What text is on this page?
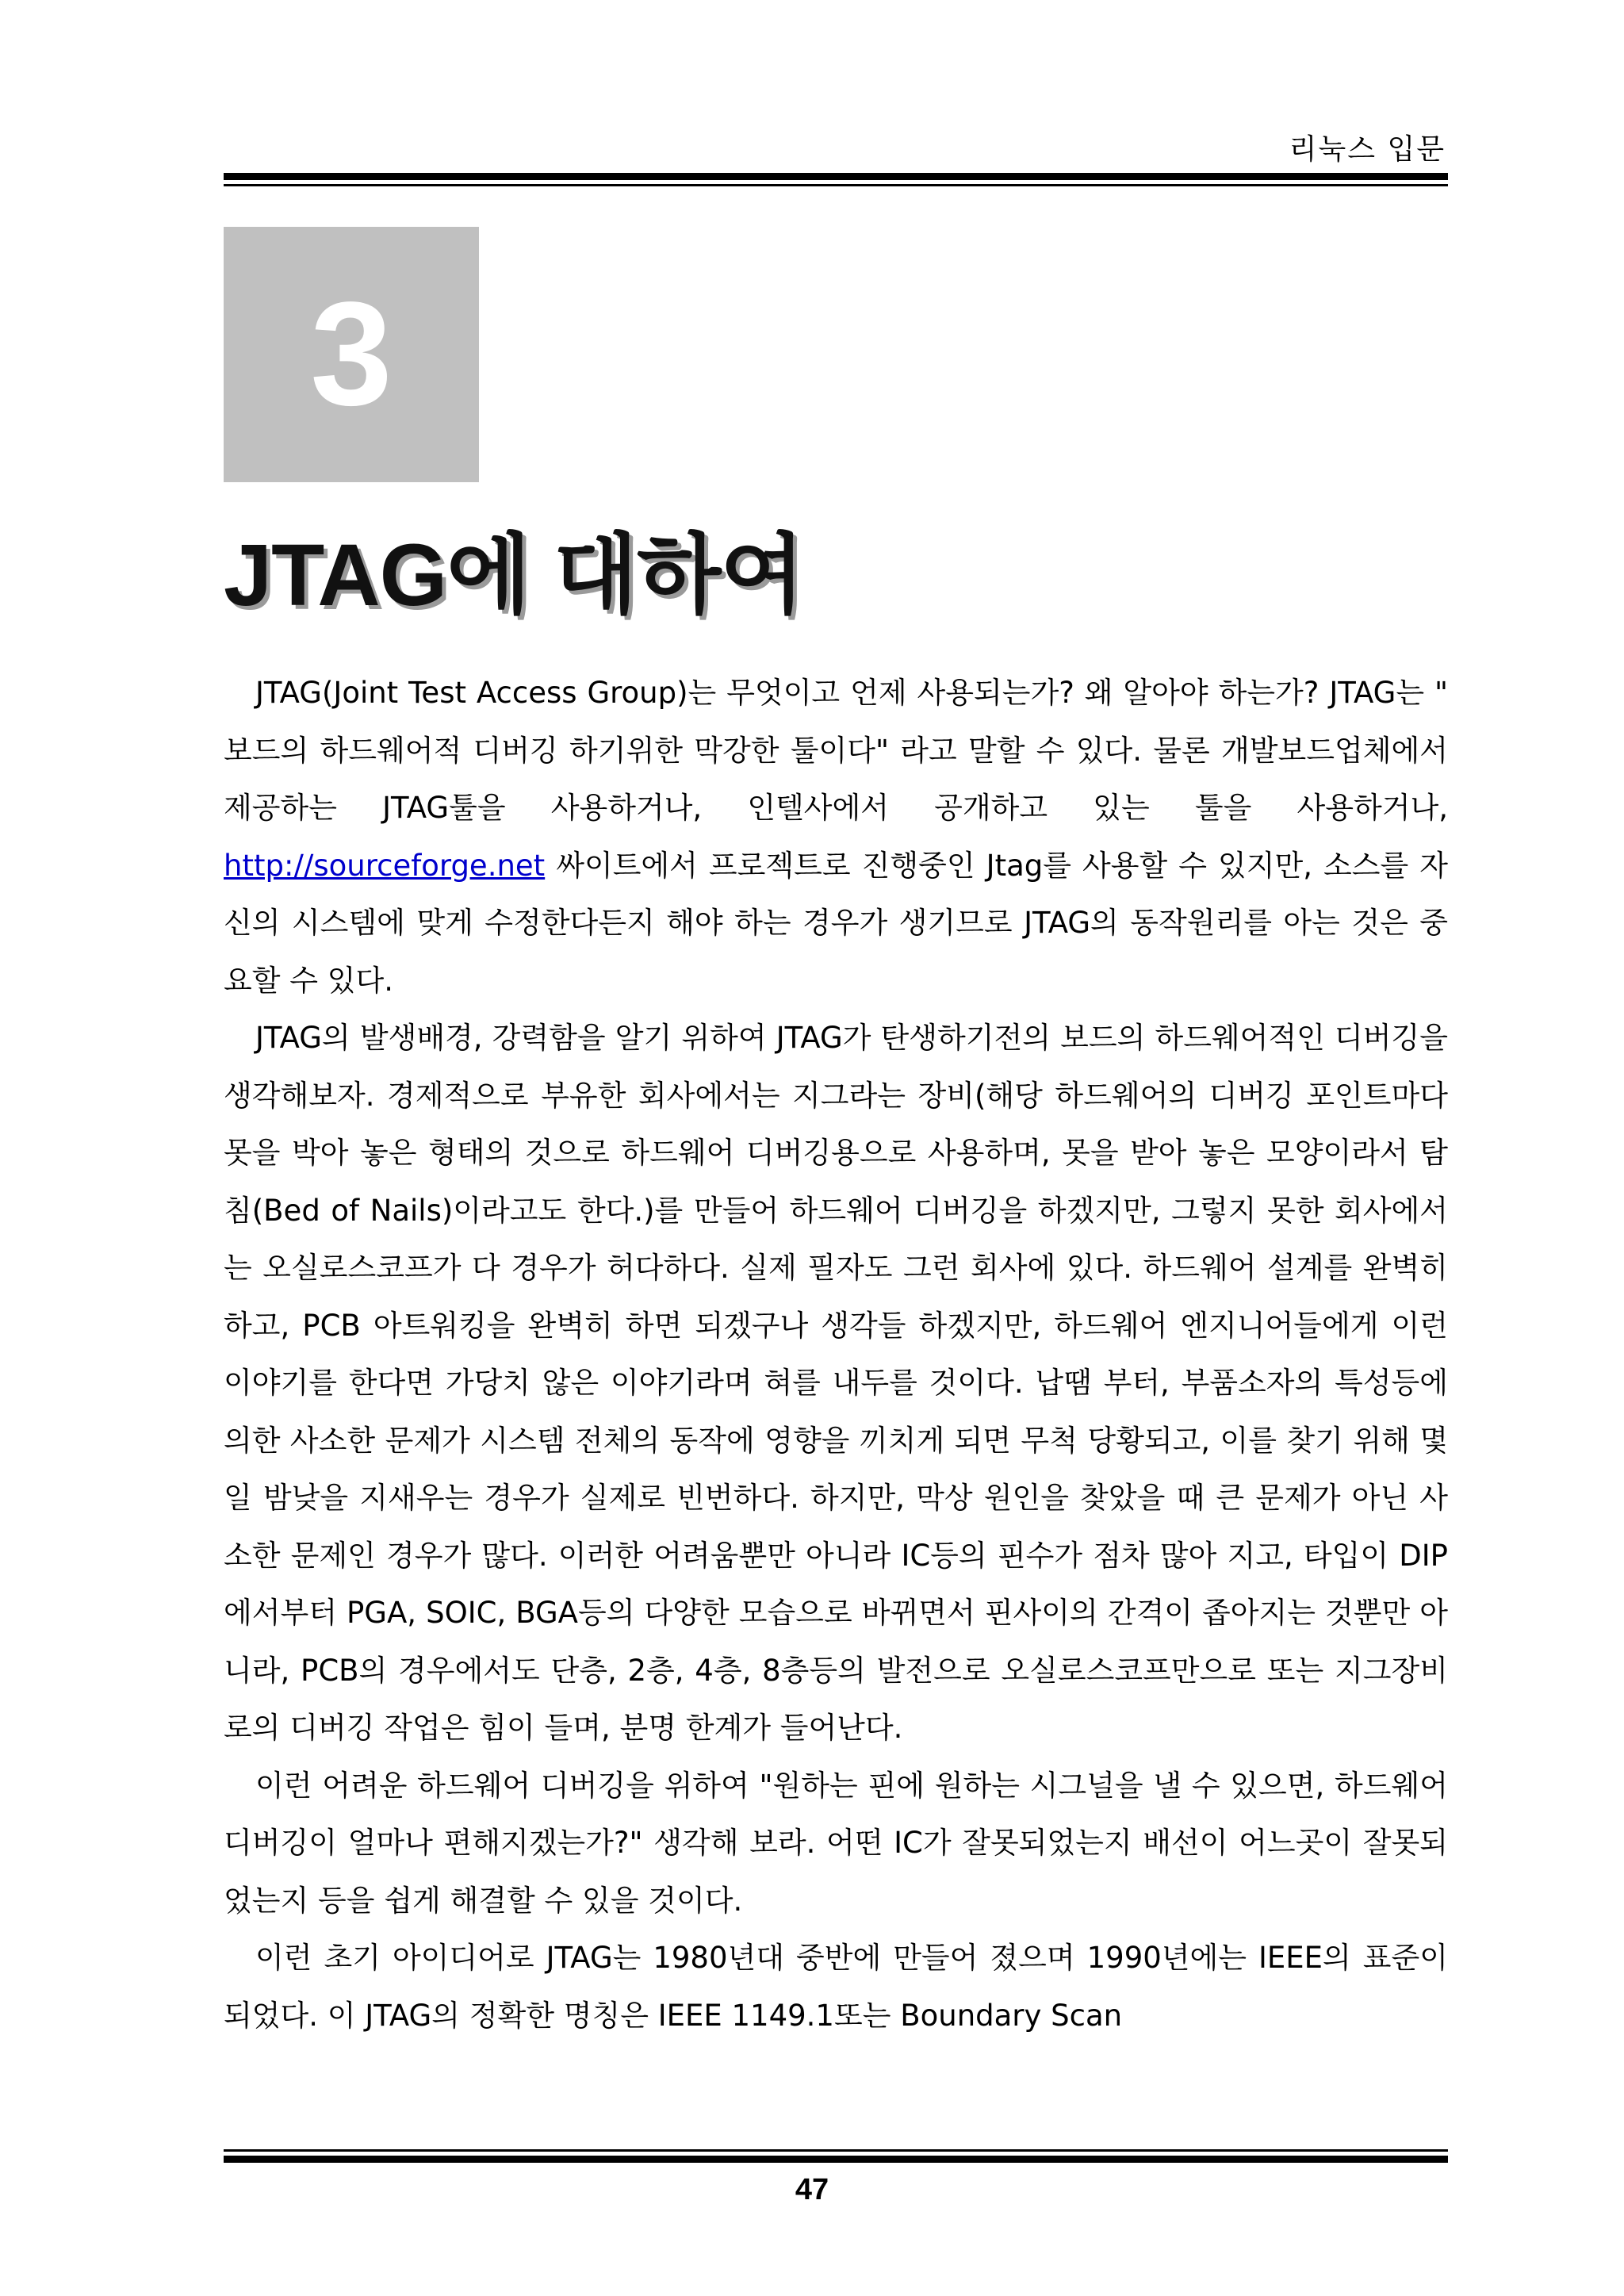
리눅스 입문
3
JTAG에 대하여

JTAG(Joint Test Access Group)는 무엇이고 언제 사용되는가? 왜 알아야 하는가? JTAG는 " 보드의 하드웨어적 디버깅 하기위한 막강한 툴이다" 라고 말할 수 있다. 물론 개발보드업체에서 제공하는 JTAG툴을 사용하거나, 인텔사에서 공개하고 있는 툴을 사용하거나, http://sourceforge.net 싸이트에서 프로젝트로 진행중인 Jtag를 사용할 수 있지만, 소스를 자신의 시스템에 맞게 수정한다든지 해야 하는 경우가 생기므로 JTAG의 동작원리를 아는 것은 중요할 수 있다.

JTAG의 발생배경, 강력함을 알기 위하여 JTAG가 탄생하기전의 보드의 하드웨어적인 디버깅을 생각해보자. 경제적으로 부유한 회사에서는 지그라는 장비(해당 하드웨어의 디버깅 포인트마다 못을 박아 놓은 형태의 것으로 하드웨어 디버깅용으로 사용하며, 못을 받아 놓은 모양이라서 탐침(Bed of Nails)이라고도 한다.)를 만들어 하드웨어 디버깅을 하겠지만, 그렇지 못한 회사에서는 오실로스코프가 다 경우가 허다하다. 실제 필자도 그런 회사에 있다. 하드웨어 설계를 완벽히 하고, PCB 아트워킹을 완벽히 하면 되겠구나 생각들 하겠지만, 하드웨어 엔지니어들에게 이런 이야기를 한다면 가당치 않은 이야기라며 혀를 내두를 것이다. 납땜 부터, 부품소자의 특성등에 의한 사소한 문제가 시스템 전체의 동작에 영향을 끼치게 되면 무척 당황되고, 이를 찾기 위해 몇 일 밤낮을 지새우는 경우가 실제로 빈번하다. 하지만, 막상 원인을 찾았을 때 큰 문제가 아닌 사소한 문제인 경우가 많다. 이러한 어려움뿐만 아니라 IC등의 핀수가 점차 많아 지고, 타입이 DIP에서부터 PGA, SOIC, BGA등의 다양한 모습으로 바뀌면서 핀사이의 간격이 좁아지는 것뿐만 아니라, PCB의 경우에서도 단층, 2층, 4층, 8층등의 발전으로 오실로스코프만으로 또는 지그장비로의 디버깅 작업은 힘이 들며, 분명 한계가 들어난다.

이런 어려운 하드웨어 디버깅을 위하여 "원하는 핀에 원하는 시그널을 낼 수 있으면, 하드웨어 디버깅이 얼마나 편해지겠는가?" 생각해 보라. 어떤 IC가 잘못되었는지 배선이 어느곳이 잘못되었는지 등을 쉽게 해결할 수 있을 것이다.

이런 초기 아이디어로 JTAG는 1980년대 중반에 만들어 졌으며 1990년에는 IEEE의 표준이 되었다. 이 JTAG의 정확한 명칭은 IEEE 1149.1또는 Boundary Scan

47
